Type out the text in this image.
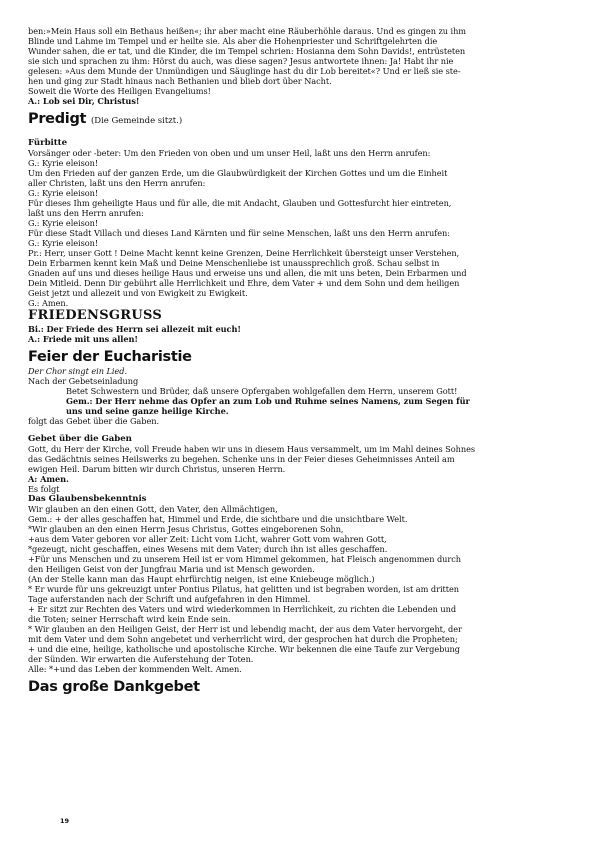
ben:»Mein Haus soll ein Bethaus heißen«; ihr aber macht eine Räuberhöhle daraus. Und es gingen zu ihm

Blinde und Lahme im Tempel und er heilte sie. Als aber die Hohenpriester und Schriftgelehrten die

Wunder sahen, die er tat, und die Kinder, die im Tempel schrien: Hosianna dem Sohn Davids!, entrüsteten

sie sich und sprachen zu ihm: Hörst du auch, was diese sagen? Jesus antwortete ihnen: Ja! Habt ihr nie

gelesen: »Aus dem Munde der Unmündigen und Säuglinge hast du dir Lob bereitet«? Und er ließ sie ste-

hen und ging zur Stadt hinaus nach Bethanien und blieb dort über Nacht.

Soweit die Worte des Heiligen Evangeliums!

A.: Lob sei Dir, Christus!

Predigt (Die Gemeinde sitzt.)

Fürbitte

Vorsänger oder -beter: Um den Frieden von oben und um unser Heil, laßt uns den Herrn anrufen:

G.: Kyrie eleison!

Um den Frieden auf der ganzen Erde, um die Glaubwürdigkeit der Kirchen Gottes und um die Einheit

aller Christen, laßt uns den Herrn anrufen:

G.: Kyrie eleison!

Für dieses Ihm geheiligte Haus und für alle, die mit Andacht, Glauben und Gottesfurcht hier eintreten,

laßt uns den Herrn anrufen:

G.: Kyrie eleison!

Für diese Stadt Villach und dieses Land Kärnten und für seine Menschen, laßt uns den Herrn anrufen:

G.: Kyrie eleison!

Pr.: Herr, unser Gott ! Deine Macht kennt keine Grenzen, Deine Herrlichkeit übersteigt unser Verstehen,

Dein Erbarmen kennt kein Maß und Deine Menschenliebe ist unaussprechlich groß. Schau selbst in

Gnaden auf uns und dieses heilige Haus und erweise uns und allen, die mit uns beten, Dein Erbarmen und

Dein Mitleid. Denn Dir gebührt alle Herrlichkeit und Ehre, dem Vater + und dem Sohn und dem heiligen

Geist jetzt und allezeit und von Ewigkeit zu Ewigkeit.

G.: Amen.

FRIEDENSGRUSS

Bi.: Der Friede des Herrn sei allezeit mit euch!

A.: Friede mit uns allen!

Feier der Eucharistie

Der Chor singt ein Lied.

Nach der Gebetseinladung

Betet Schwestern und Brüder, daß unsere Opfergaben wohlgefallen dem Herrn, unserem Gott!

Gem.: Der Herr nehme das Opfer an zum Lob und Ruhme seines Namens, zum Segen für

uns und seine ganze heilige Kirche.

folgt das Gebet über die Gaben.

Gebet über die Gaben

Gott, du Herr der Kirche, voll Freude haben wir uns in diesem Haus versammelt, um im Mahl deines Sohnes

das Gedächtnis seines Heilswerks zu begehen. Schenke uns in der Feier dieses Geheimnisses Anteil am

ewigen Heil. Darum bitten wir durch Christus, unseren Herrn.

A: Amen.

Es folgt

Das Glaubensbekenntnis

Wir glauben an den einen Gott, den Vater, den Allmächtigen,

Gem.: + der alles geschaffen hat, Himmel und Erde, die sichtbare und die unsichtbare Welt.

*Wir glauben an den einen Herrn Jesus Christus, Gottes eingeborenen Sohn,

+aus dem Vater geboren vor aller Zeit: Licht vom Licht, wahrer Gott vom wahren Gott,

*gezeugt, nicht geschaffen, eines Wesens mit dem Vater; durch ihn ist alles geschaffen.

+Für uns Menschen und zu unserem Heil ist er vom Himmel gekommen, hat Fleisch angenommen durch

den Heiligen Geist von der Jungfrau Maria und ist Mensch geworden.

(An der Stelle kann man das Haupt ehrfürchtig neigen, ist eine Kniebeuge möglich.)

* Er wurde für uns gekreuzigt unter Pontius Pilatus, hat gelitten und ist begraben worden, ist am dritten

Tage auferstanden nach der Schrift und aufgefahren in den Himmel.

+ Er sitzt zur Rechten des Vaters und wird wiederkommen in Herrlichkeit, zu richten die Lebenden und

die Toten; seiner Herrschaft wird kein Ende sein.

* Wir glauben an den Heiligen Geist, der Herr ist und lebendig macht, der aus dem Vater hervorgeht, der

mit dem Vater und dem Sohn angebetet und verherrlicht wird, der gesprochen hat durch die Propheten;

+ und die eine, heilige, katholische und apostolische Kirche. Wir bekennen die eine Taufe zur Vergebung

der Sünden. Wir erwarten die Auferstehung der Toten.

Alle: *+und das Leben der kommenden Welt. Amen.

Das große Dankgebet

19
